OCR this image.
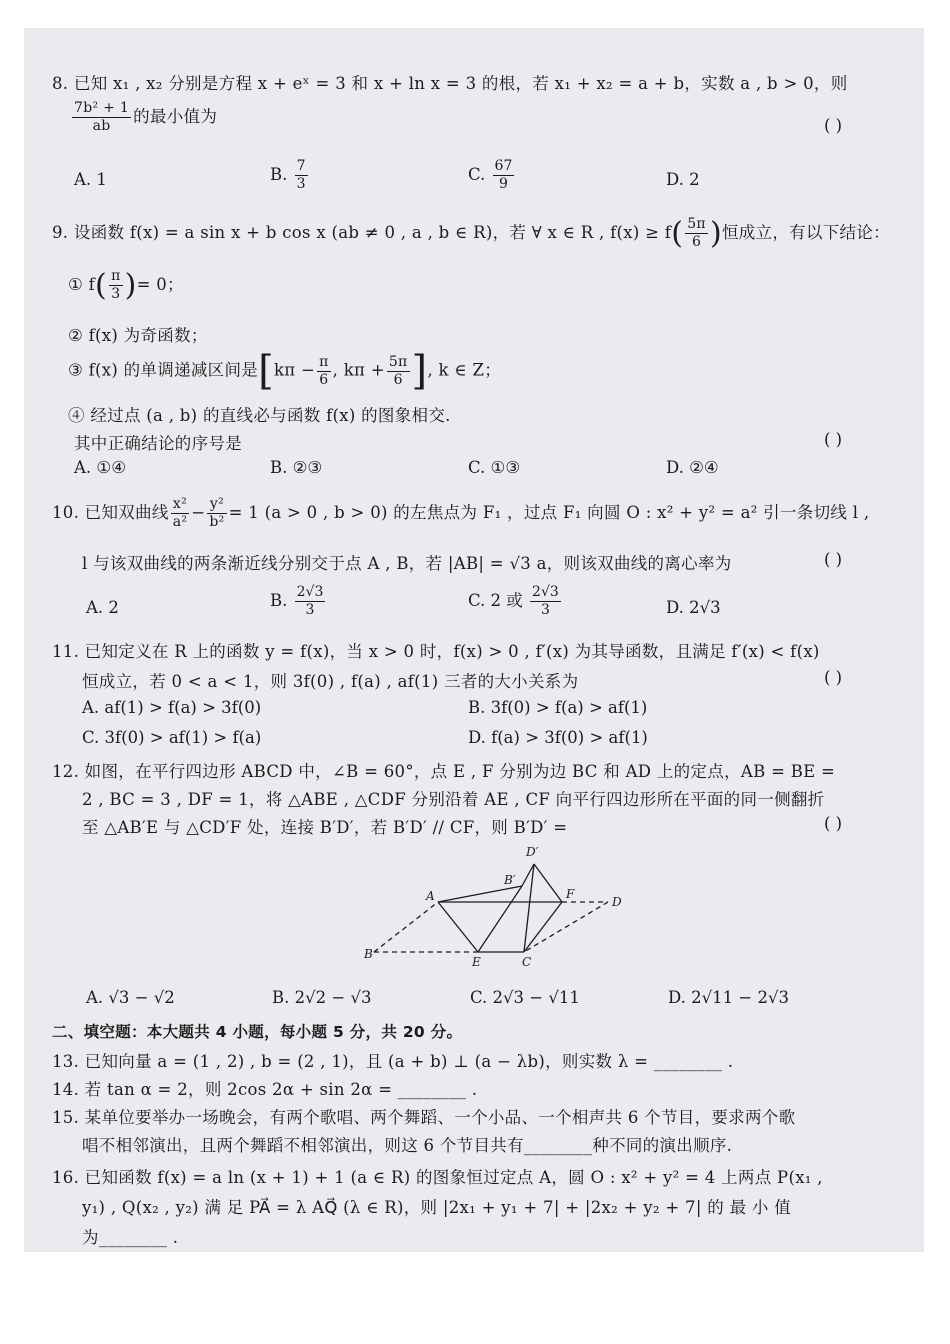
8. 已知 x₁ , x₂ 分别是方程 x + eˣ = 3 和 x + ln x = 3 的根，若 x₁ + x₂ = a + b，实数 a , b > 0，则
$\frac{\text{7b² + 1}}{ab}$ 的最小值为	( )
A. 1	B. $\frac{7}{3}$	C. $\frac{67}{9}$	D. 2
9. 设函数 f(x) = a sin x + b cos x (ab ≠ 0 , a , b ∈ R)，若 ∀ x ∈ R , $f(x) \ge f( \frac{5\pi}{6}$ )恒成立，有以下结论：
① $f( \frac{\pi}{3}$ )= 0；
② f(x) 为奇函数；
③ f(x) 的单调递减区间是[$k\pi - \frac{\pi}{6}$ , $k\pi + \frac{5\pi}{6}$ ], k ∈ Z；
④ 经过点 (a , b) 的直线必与函数 f(x) 的图象相交.
其中正确结论的序号是	( )
A. ①④	B. ②③	C. ①③	D. ②④
10. 已知双曲线 $\frac{\text{x²}}{\text{a²}} - \frac{\text{y²}}{\text{b²}} = 1$ (a > 0 , b > 0) 的左焦点为 F₁ ，过点 F₁ 向圆 O : x² + y² = a² 引一条切线 l ,
l 与该双曲线的两条渐近线分别交于点 A , B，若 |AB| = √3 a，则该双曲线的离心率为	( )
A. 2	B. $\frac{2√3}{3}$	C. 2 或 $\frac{2√3}{3}$	D. 2√3
11. 已知定义在 R 上的函数 y = f(x)，当 x > 0 时，f(x) > 0 , f′(x) 为其导函数，且满足 f′(x) < f(x)
恒成立，若 0 < a < 1，则 3f(0) , f(a) , af(1) 三者的大小关系为	( )
A. af(1) > f(a) > 3f(0)	B. 3f(0) > f(a) > af(1)
C. 3f(0) > af(1) > f(a)	D. f(a) > 3f(0) > af(1)
12. 如图，在平行四边形 ABCD 中，∠B = 60°，点 E , F 分别为边 BC 和 AD 上的定点，AB = BE =
2 , BC = 3 , DF = 1，将 △ABE , △CDF 分别沿着 AE , CF 向平行四边形所在平面的同一侧翻折
至 △AB′E 与 △CD′F 处，连接 B′D′，若 B′D′ // CF，则 B′D′ =	( )
B
A
E	C
F
D
B′
D′
A. √3 − √2	B. 2√2 − √3	C. 2√3 − √11	D. 2√11 − 2√3
二、填空题：本大题共 4 小题，每小题 5 分，共 20 分。
13. 已知向量 a = (1 , 2) , b = (2 , 1)，且 (a + b) ⊥ (a − λb)，则实数 λ = ________ .
14. 若 tan α = 2，则 2cos 2α + sin 2α = ________ .
15. 某单位要举办一场晚会，有两个歌唱、两个舞蹈、一个小品、一个相声共 6 个节目，要求两个歌
唱不相邻演出，且两个舞蹈不相邻演出，则这 6 个节目共有________种不同的演出顺序.
16. 已知函数 f(x) = a ln (x + 1) + 1 (a ∈ R) 的图象恒过定点 A，圆 O : x² + y² = 4 上两点 P(x₁ ,
y₁) , Q(x₂ , y₂) 满 足 PA⃗ = λ AQ⃗ (λ ∈ R)，则 |2x₁ + y₁ + 7| + |2x₂ + y₂ + 7| 的 最 小 值
为________ .
